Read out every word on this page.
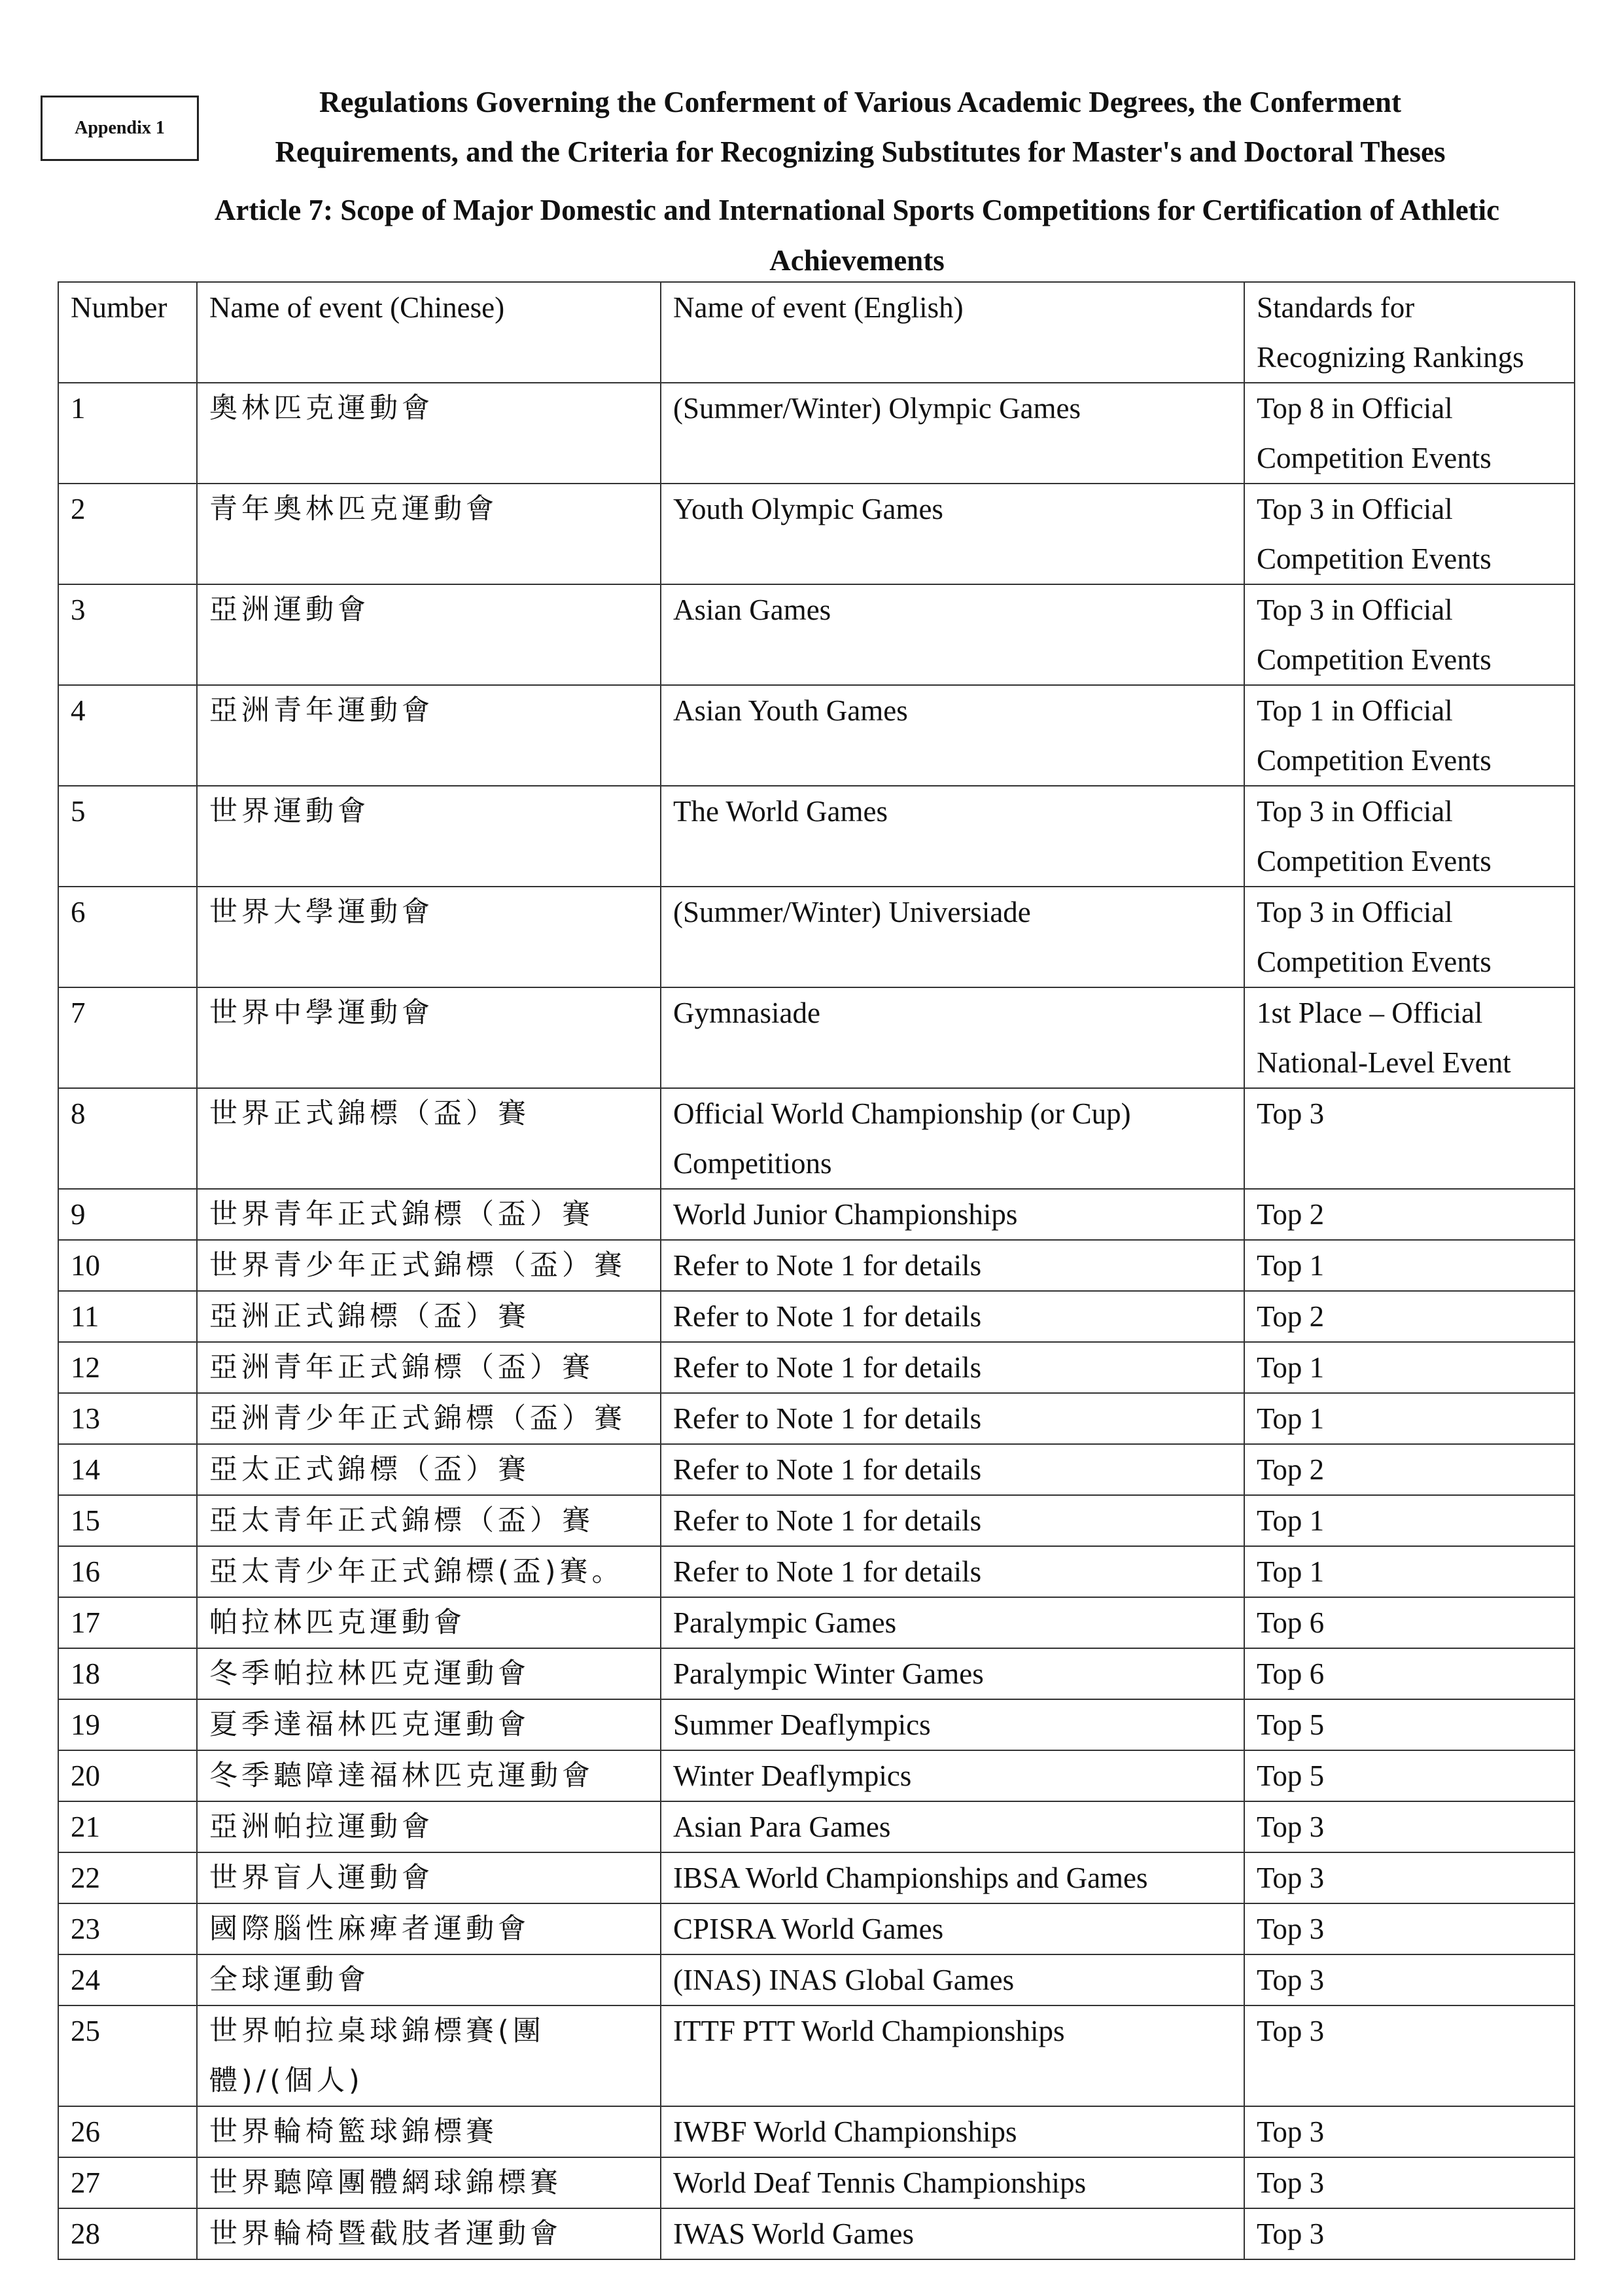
Appendix 1
Regulations Governing the Conferment of Various Academic Degrees, the Conferment
Requirements, and the Criteria for Recognizing Substitutes for Master's and Doctoral Theses
Article 7: Scope of Major Domestic and International Sports Competitions for Certification of Athletic Achievements
Number	Name of event (Chinese)	Name of event (English)	Standards for Recognizing Rankings
1	奧林匹克運動會	(Summer/Winter) Olympic Games	Top 8 in Official Competition Events
2	青年奧林匹克運動會	Youth Olympic Games	Top 3 in Official Competition Events
3	亞洲運動會	Asian Games	Top 3 in Official Competition Events
4	亞洲青年運動會	Asian Youth Games	Top 1 in Official Competition Events
5	世界運動會	The World Games	Top 3 in Official Competition Events
6	世界大學運動會	(Summer/Winter) Universiade	Top 3 in Official Competition Events
7	世界中學運動會	Gymnasiade	1st Place – Official National-Level Event
8	世界正式錦標（盃）賽	Official World Championship (or Cup) Competitions	Top 3
9	世界青年正式錦標（盃）賽	World Junior Championships	Top 2
10	世界青少年正式錦標（盃）賽	Refer to Note 1 for details	Top 1
11	亞洲正式錦標（盃）賽	Refer to Note 1 for details	Top 2
12	亞洲青年正式錦標（盃）賽	Refer to Note 1 for details	Top 1
13	亞洲青少年正式錦標（盃）賽	Refer to Note 1 for details	Top 1
14	亞太正式錦標（盃）賽	Refer to Note 1 for details	Top 2
15	亞太青年正式錦標（盃）賽	Refer to Note 1 for details	Top 1
16	亞太青少年正式錦標(盃)賽。	Refer to Note 1 for details	Top 1
17	帕拉林匹克運動會	Paralympic Games	Top 6
18	冬季帕拉林匹克運動會	Paralympic Winter Games	Top 6
19	夏季達福林匹克運動會	Summer Deaflympics	Top 5
20	冬季聽障達福林匹克運動會	Winter Deaflympics	Top 5
21	亞洲帕拉運動會	Asian Para Games	Top 3
22	世界盲人運動會	IBSA World Championships and Games	Top 3
23	國際腦性麻痺者運動會	CPISRA World Games	Top 3
24	全球運動會	(INAS) INAS Global Games	Top 3
25	世界帕拉桌球錦標賽(團體)/(個人)	ITTF PTT World Championships	Top 3
26	世界輪椅籃球錦標賽	IWBF World Championships	Top 3
27	世界聽障團體網球錦標賽	World Deaf Tennis Championships	Top 3
28	世界輪椅暨截肢者運動會	IWAS World Games	Top 3
